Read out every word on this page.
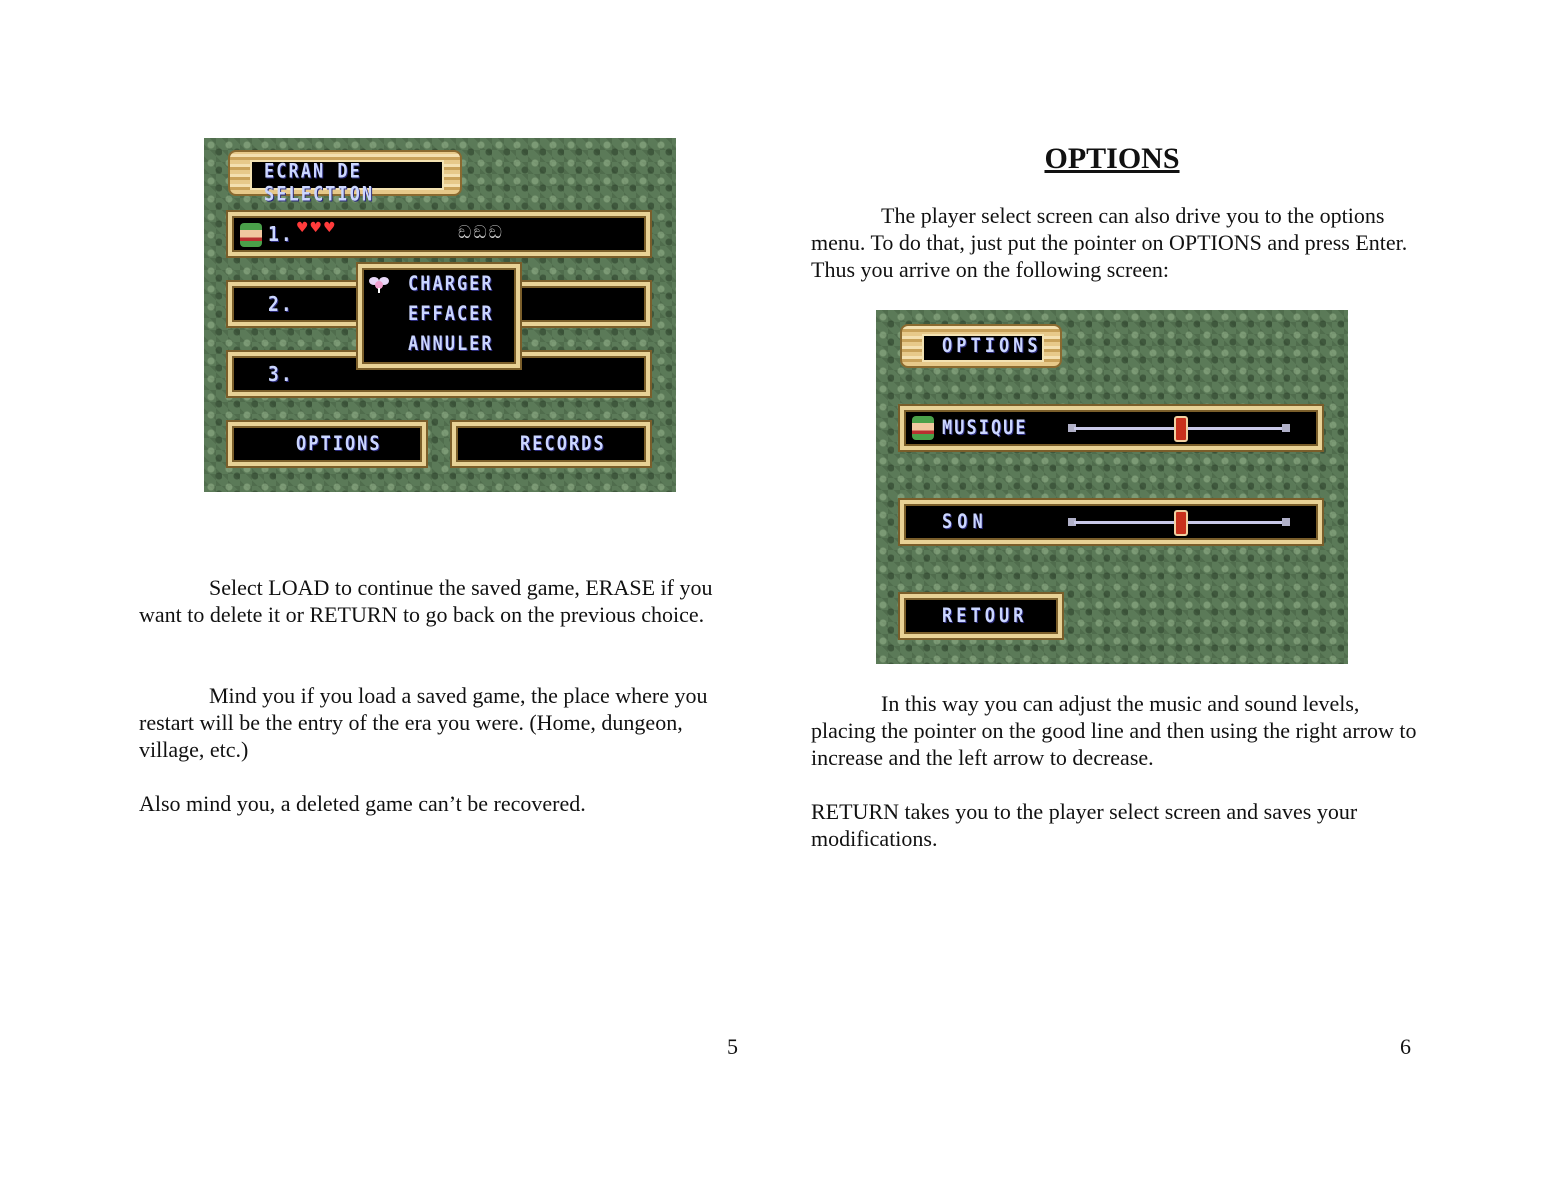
ECRAN DE SELECTION
1. ♥♥♥	ඞඞඞ
2.
3.
CHARGER
EFFACER
ANNULER
OPTIONS	RECORDS

Select LOAD to continue the saved game, ERASE if you want to delete it or RETURN to go back on the previous choice.

Mind you if you load a saved game, the place where you restart will be the entry of the era you were. (Home, dungeon, village, etc.)

Also mind you, a deleted game can’t be recovered.

5
OPTIONS

The player select screen can also drive you to the options menu. To do that, just put the pointer on OPTIONS and press Enter. Thus you arrive on the following screen:

OPTIONS
MUSIQUE
SON
RETOUR

In this way you can adjust the music and sound levels, placing the pointer on the good line and then using the right arrow to increase and the left arrow to decrease.

RETURN takes you to the player select screen and saves your modifications.

6
